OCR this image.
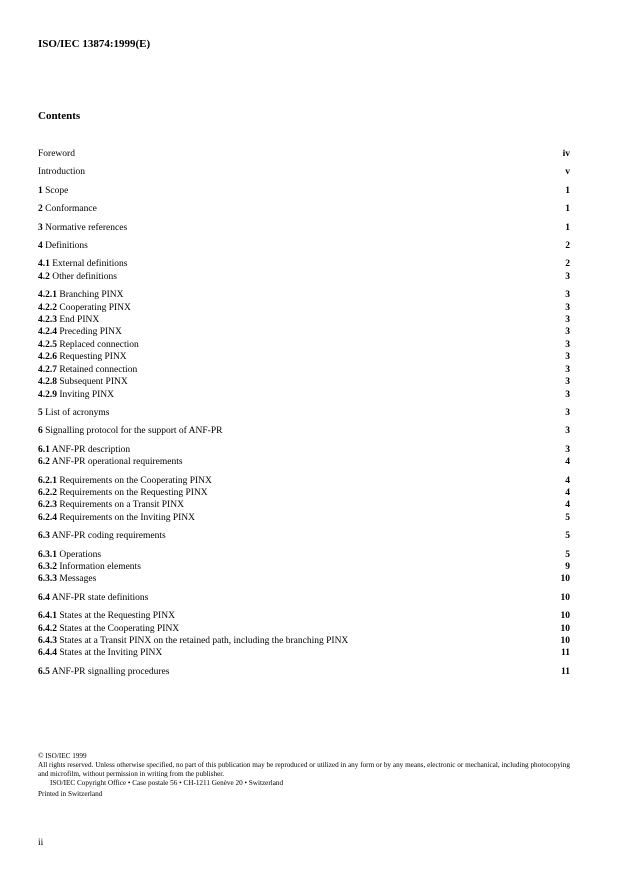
ISO/IEC 13874:1999(E)
Contents
Foreword	iv
Introduction	v
1 Scope	1
2 Conformance	1
3 Normative references	1
4 Definitions	2
4.1 External definitions	2
4.2 Other definitions	3
4.2.1 Branching PINX	3
4.2.2 Cooperating PINX	3
4.2.3 End PINX	3
4.2.4 Preceding PINX	3
4.2.5 Replaced connection	3
4.2.6 Requesting PINX	3
4.2.7 Retained connection	3
4.2.8 Subsequent PINX	3
4.2.9 Inviting PINX	3
5 List of acronyms	3
6 Signalling protocol for the support of ANF-PR	3
6.1 ANF-PR description	3
6.2 ANF-PR operational requirements	4
6.2.1 Requirements on the Cooperating PINX	4
6.2.2 Requirements on the Requesting PINX	4
6.2.3 Requirements on a Transit PINX	4
6.2.4 Requirements on the Inviting PINX	5
6.3 ANF-PR coding requirements	5
6.3.1 Operations	5
6.3.2 Information elements	9
6.3.3 Messages	10
6.4 ANF-PR state definitions	10
6.4.1 States at the Requesting PINX	10
6.4.2 States at the Cooperating PINX	10
6.4.3 States at a Transit PINX on the retained path, including the branching PINX	10
6.4.4 States at the Inviting PINX	11
6.5 ANF-PR signalling procedures	11

© ISO/IEC 1999

All rights reserved. Unless otherwise specified, no part of this publication may be reproduced or utilized in any form or by any means, electronic or mechanical, including photocopying and microfilm, without permission in writing from the publisher.

ISO/IEC Copyright Office • Case postale 56 • CH-1211 Genève 20 • Switzerland

Printed in Switzerland

ii
